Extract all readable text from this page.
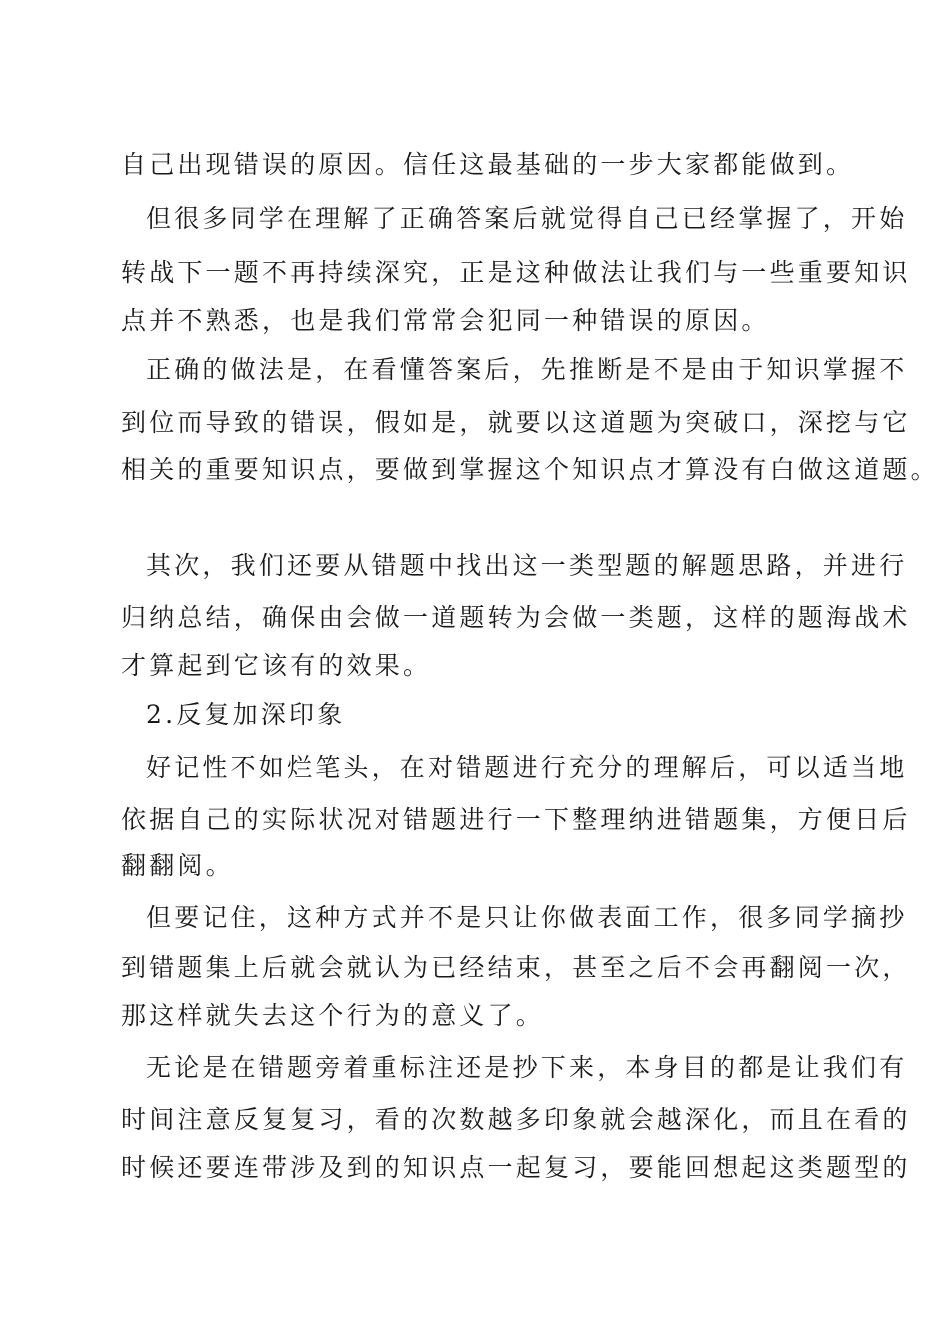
自己出现错误的原因。信任这最基础的一步大家都能做到。
但很多同学在理解了正确答案后就觉得自己已经掌握了，开始
转战下一题不再持续深究，正是这种做法让我们与一些重要知识
点并不熟悉，也是我们常常会犯同一种错误的原因。
正确的做法是，在看懂答案后，先推断是不是由于知识掌握不
到位而导致的错误，假如是，就要以这道题为突破口，深挖与它
相关的重要知识点，要做到掌握这个知识点才算没有白做这道题。
其次，我们还要从错题中找出这一类型题的解题思路，并进行
归纳总结，确保由会做一道题转为会做一类题，这样的题海战术
才算起到它该有的效果。
2.反复加深印象
好记性不如烂笔头，在对错题进行充分的理解后，可以适当地
依据自己的实际状况对错题进行一下整理纳进错题集，方便日后
翻翻阅。
但要记住，这种方式并不是只让你做表面工作，很多同学摘抄
到错题集上后就会就认为已经结束，甚至之后不会再翻阅一次，
那这样就失去这个行为的意义了。
无论是在错题旁着重标注还是抄下来，本身目的都是让我们有
时间注意反复复习，看的次数越多印象就会越深化，而且在看的
时候还要连带涉及到的知识点一起复习，要能回想起这类题型的
